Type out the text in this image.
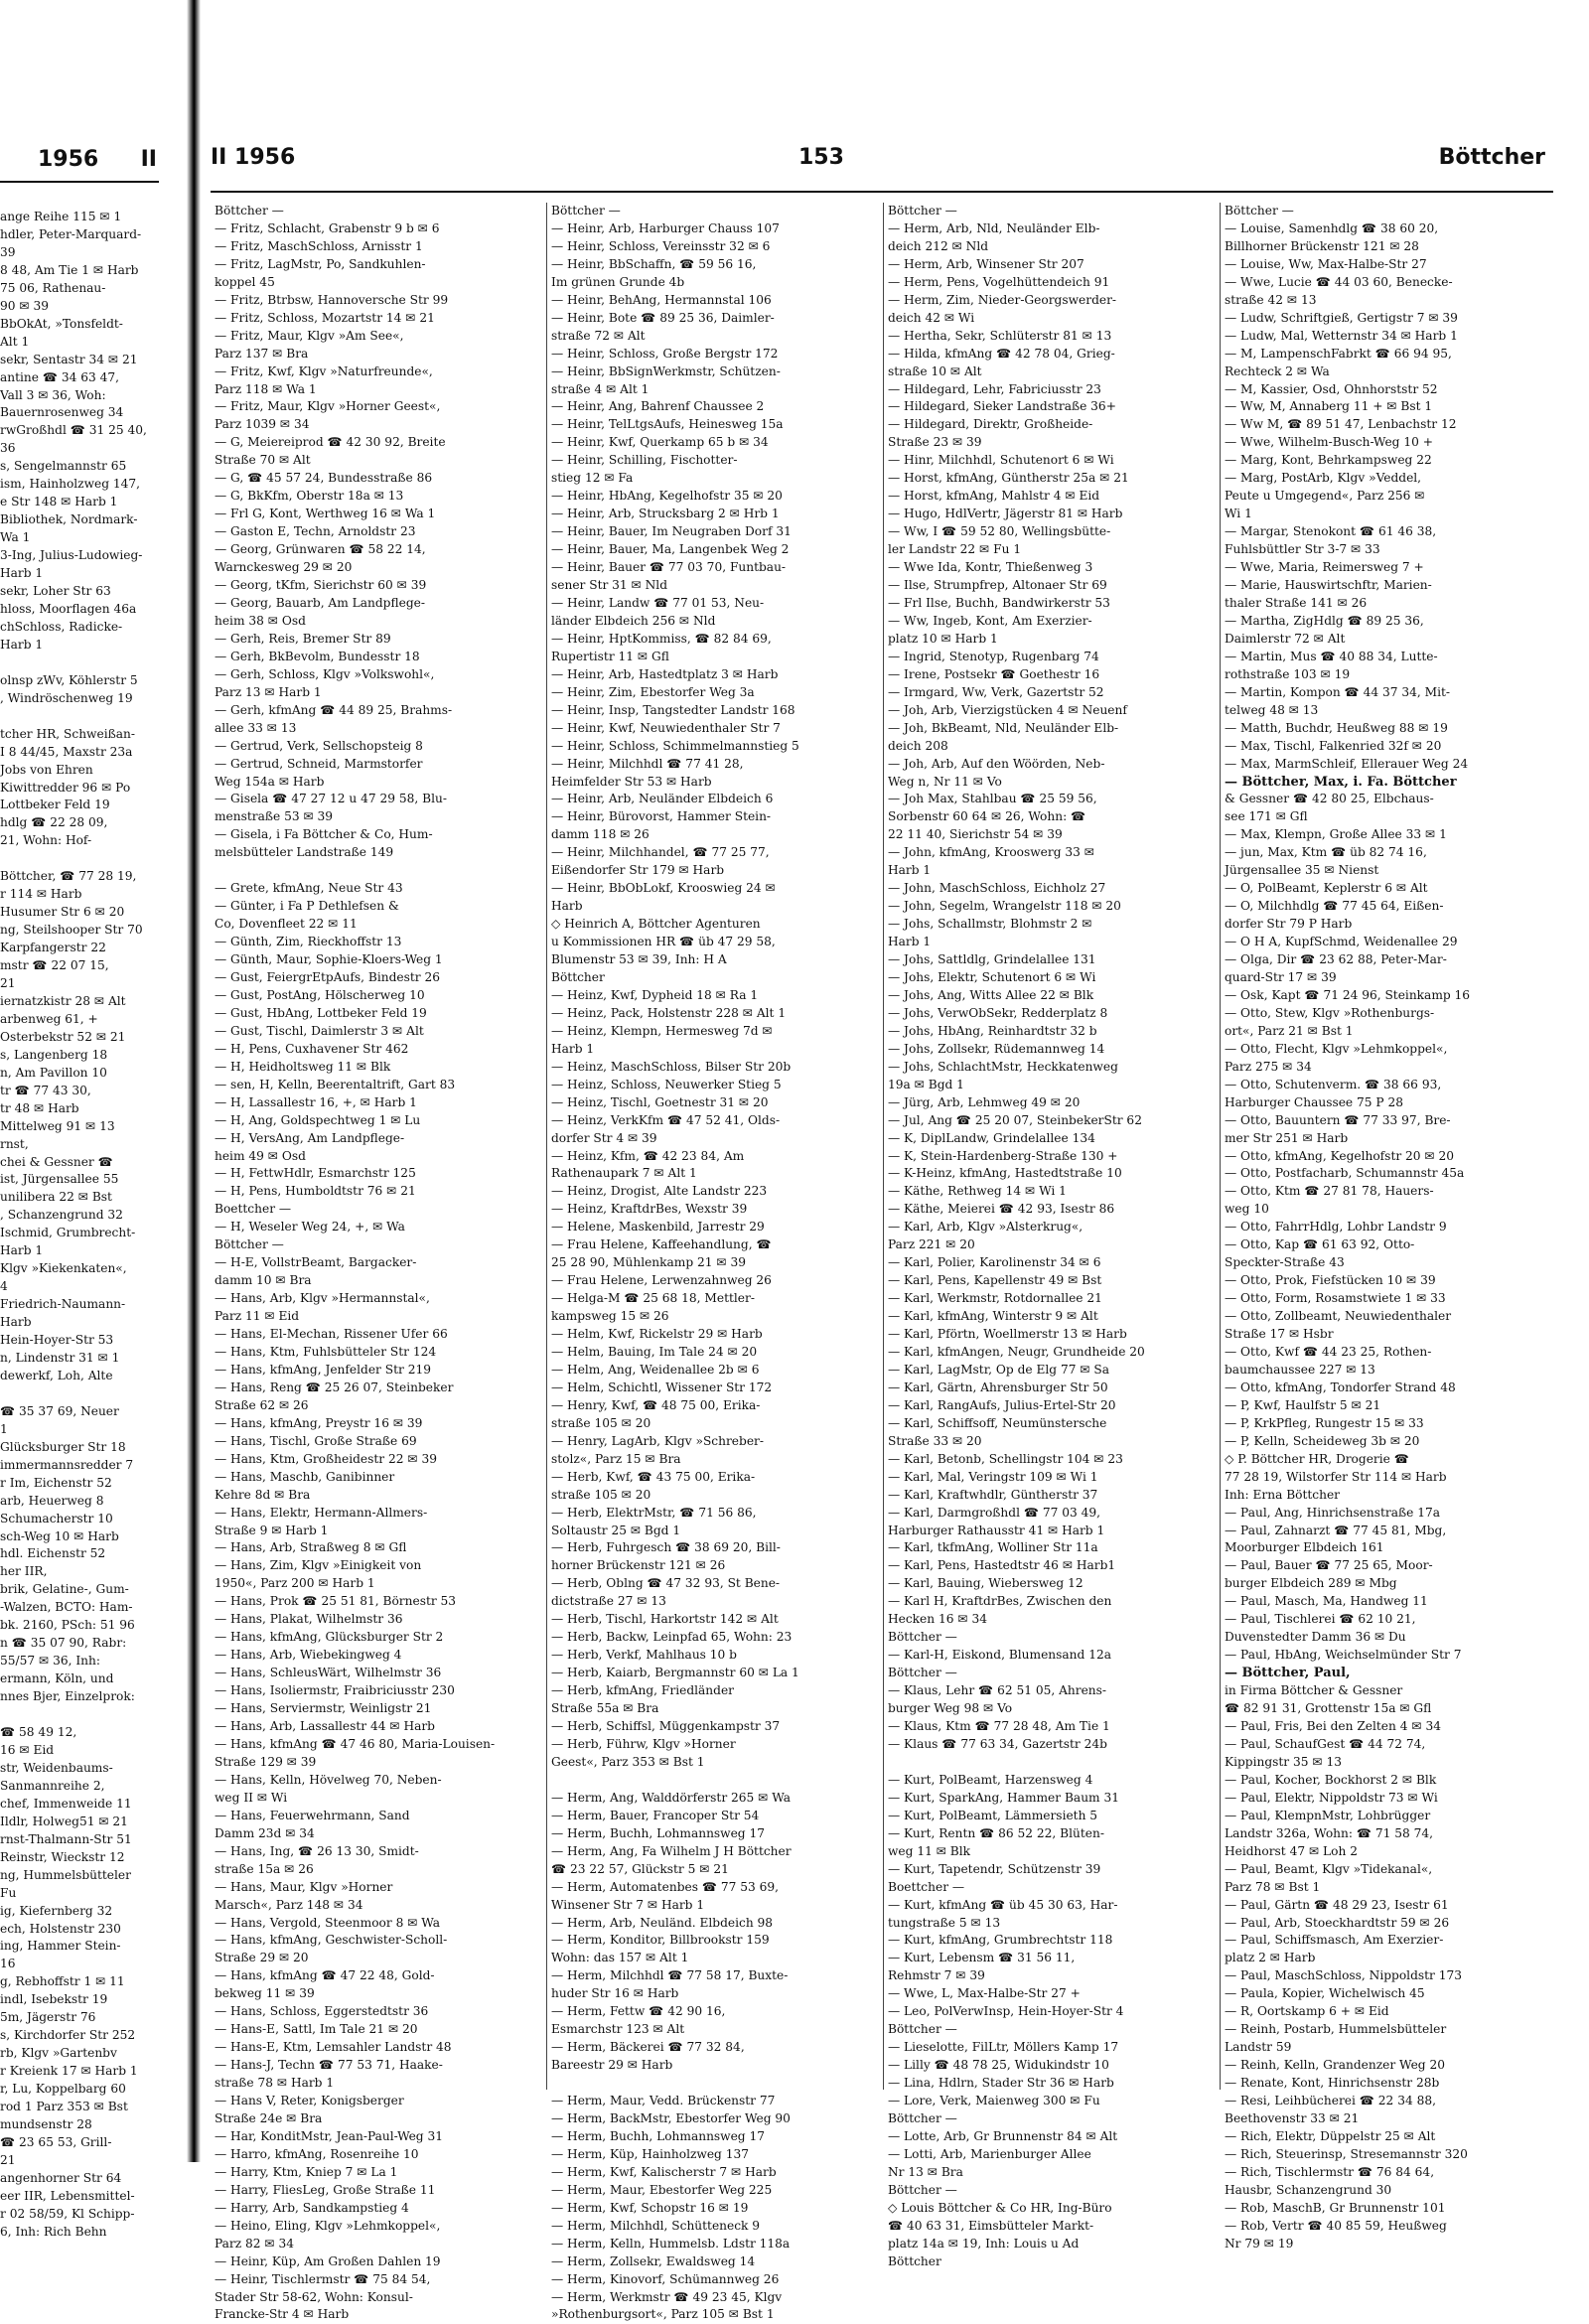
1956 II
ange Reihe 115 ✉ 1
hdler, Peter-Marquard-
39
8 48, Am Tie 1 ✉ Harb
75 06, Rathenau-
90 ✉ 39
BbOkAt, »Tonsfeldt-
Alt 1
sekr, Sentastr 34 ✉ 21
antine ☎ 34 63 47,
Vall 3 ✉ 36, Woh:
Bauernrosenweg 34
rwGroßhdl ☎ 31 25 40,
36
s, Sengelmannstr 65
ism, Hainholzweg 147,
e Str 148 ✉ Harb 1
Bibliothek, Nordmark-
Wa 1
3-Ing, Julius-Ludowieg-
Harb 1
sekr, Loher Str 63
hloss, Moorflagen 46a
chSchloss, Radicke-
Harb 1

olnsp zWv, Köhlerstr 5
, Windröschenweg 19

tcher HR, Schweißan-
I 8 44/45, Maxstr 23a
Jobs von Ehren
Kiwittredder 96 ✉ Po
Lottbeker Feld 19
hdlg ☎ 22 28 09,
21, Wohn: Hof-

Böttcher, ☎ 77 28 19,
r 114 ✉ Harb
Husumer Str 6 ✉ 20
ng, Steilshooper Str 70
Karpfangerstr 22
mstr ☎ 22 07 15,
21
iernatzkistr 28 ✉ Alt
arbenweg 61, +
Osterbekstr 52 ✉ 21
s, Langenberg 18
n, Am Pavillon 10
tr ☎ 77 43 30,
tr 48 ✉ Harb
Mittelweg 91 ✉ 13
rnst,
chei & Gessner ☎
ist, Jürgensallee 55
unilibera 22 ✉ Bst
, Schanzengrund 32
Ischmid, Grumbrecht-
Harb 1
Klgv »Kiekenkaten«,
4
Friedrich-Naumann-
Harb
Hein-Hoyer-Str 53
n, Lindenstr 31 ✉ 1
dewerkf, Loh, Alte

☎ 35 37 69, Neuer
1
Glücksburger Str 18
immermannsredder 7
r Im, Eichenstr 52
arb, Heuerweg 8
Schumacherstr 10
sch-Weg 10 ✉ Harb
hdl. Eichenstr 52
her IIR,
brik, Gelatine-, Gum-
-Walzen, BCTO: Ham-
bk. 2160, PSch: 51 96
n ☎ 35 07 90, Rabr:
55/57 ✉ 36, Inh:
ermann, Köln, und
nnes Bjer, Einzelprok:

☎ 58 49 12,
16 ✉ Eid
str, Weidenbaums-
Sanmannreihe 2,
chef, Immenweide 11
Ildlr, Holweg51 ✉ 21
rnst-Thalmann-Str 51
Reinstr, Wieckstr 12
ng, Hummelsbütteler
Fu
ig, Kiefernberg 32
ech, Holstenstr 230
ing, Hammer Stein-
16
g, Rebhoffstr 1 ✉ 11
indl, Isebekstr 19
5m, Jägerstr 76
s, Kirchdorfer Str 252
rb, Klgv »Gartenbv
r Kreienk 17 ✉ Harb 1
r, Lu, Koppelbarg 60
rod 1 Parz 353 ✉ Bst
mundsenstr 28
☎ 23 65 53, Grill-
21
angenhorner Str 64
eer IIR, Lebensmittel-
r 02 58/59, Kl Schipp-
6, Inh: Rich Behn
II 1956	153	Böttcher
Böttcher —
— Fritz, Schlacht, Grabenstr 9 b ✉ 6
— Fritz, MaschSchloss, Arnisstr 1
— Fritz, LagMstr, Po, Sandkuhlen-
koppel 45
— Fritz, Btrbsw, Hannoversche Str 99
— Fritz, Schloss, Mozartstr 14 ✉ 21
— Fritz, Maur, Klgv »Am See«,
Parz 137 ✉ Bra
— Fritz, Kwf, Klgv »Naturfreunde«,
Parz 118 ✉ Wa 1
— Fritz, Maur, Klgv »Horner Geest«,
Parz 1039 ✉ 34
— G, Meiereiprod ☎ 42 30 92, Breite
Straße 70 ✉ Alt
— G, ☎ 45 57 24, Bundesstraße 86
— G, BkKfm, Oberstr 18a ✉ 13
— Frl G, Kont, Werthweg 16 ✉ Wa 1
— Gaston E, Techn, Arnoldstr 23
— Georg, Grünwaren ☎ 58 22 14,
Warnckesweg 29 ✉ 20
— Georg, tKfm, Sierichstr 60 ✉ 39
— Georg, Bauarb, Am Landpflege-
heim 38 ✉ Osd
— Gerh, Reis, Bremer Str 89
— Gerh, BkBevolm, Bundesstr 18
— Gerh, Schloss, Klgv »Volkswohl«,
Parz 13 ✉ Harb 1
— Gerh, kfmAng ☎ 44 89 25, Brahms-
allee 33 ✉ 13
— Gertrud, Verk, Sellschopsteig 8
— Gertrud, Schneid, Marmstorfer
Weg 154a ✉ Harb
— Gisela ☎ 47 27 12 u 47 29 58, Blu-
menstraße 53 ✉ 39
— Gisela, i Fa Böttcher & Co, Hum-
melsbütteler Landstraße 149

— Grete, kfmAng, Neue Str 43
— Günter, i Fa P Dethlefsen &
Co, Dovenfleet 22 ✉ 11
— Günth, Zim, Rieckhoffstr 13
— Günth, Maur, Sophie-Kloers-Weg 1
— Gust, FeiergrEtpAufs, Bindestr 26
— Gust, PostAng, Hölscherweg 10
— Gust, HbAng, Lottbeker Feld 19
— Gust, Tischl, Daimlerstr 3 ✉ Alt
— H, Pens, Cuxhavener Str 462
— H, Heidholtsweg 11 ✉ Blk
— sen, H, Kelln, Beerentaltrift, Gart 83
— H, Lassallestr 16, +, ✉ Harb 1
— H, Ang, Goldspechtweg 1 ✉ Lu
— H, VersAng, Am Landpflege-
heim 49 ✉ Osd
— H, FettwHdlr, Esmarchstr 125
— H, Pens, Humboldtstr 76 ✉ 21
Boettcher —
— H, Weseler Weg 24, +, ✉ Wa
Böttcher —
— H-E, VollstrBeamt, Bargacker-
damm 10 ✉ Bra
— Hans, Arb, Klgv »Hermannstal«,
Parz 11 ✉ Eid
— Hans, El-Mechan, Rissener Ufer 66
— Hans, Ktm, Fuhlsbütteler Str 124
— Hans, kfmAng, Jenfelder Str 219
— Hans, Reng ☎ 25 26 07, Steinbeker
Straße 62 ✉ 26
— Hans, kfmAng, Preystr 16 ✉ 39
— Hans, Tischl, Große Straße 69
— Hans, Ktm, Großheidestr 22 ✉ 39
— Hans, Maschb, Ganibinner
Kehre 8d ✉ Bra
— Hans, Elektr, Hermann-Allmers-
Straße 9 ✉ Harb 1
— Hans, Arb, Straßweg 8 ✉ Gfl
— Hans, Zim, Klgv »Einigkeit von
1950«, Parz 200 ✉ Harb 1
— Hans, Prok ☎ 25 51 81, Börnestr 53
— Hans, Plakat, Wilhelmstr 36
— Hans, kfmAng, Glücksburger Str 2
— Hans, Arb, Wiebekingweg 4
— Hans, SchleusWärt, Wilhelmstr 36
— Hans, Isoliermstr, Fraibriciusstr 230
— Hans, Serviermstr, Weinligstr 21
— Hans, Arb, Lassallestr 44 ✉ Harb
— Hans, kfmAng ☎ 47 46 80, Maria-Louisen-
Straße 129 ✉ 39
— Hans, Kelln, Hövelweg 70, Neben-
weg II ✉ Wi
— Hans, Feuerwehrmann, Sand
Damm 23d ✉ 34
— Hans, Ing, ☎ 26 13 30, Smidt-
straße 15a ✉ 26
— Hans, Maur, Klgv »Horner
Marsch«, Parz 148 ✉ 34
— Hans, Vergold, Steenmoor 8 ✉ Wa
— Hans, kfmAng, Geschwister-Scholl-
Straße 29 ✉ 20
— Hans, kfmAng ☎ 47 22 48, Gold-
bekweg 11 ✉ 39
— Hans, Schloss, Eggerstedtstr 36
— Hans-E, Sattl, Im Tale 21 ✉ 20
— Hans-E, Ktm, Lemsahler Landstr 48
— Hans-J, Techn ☎ 77 53 71, Haake-
straße 78 ✉ Harb 1
— Hans V, Reter, Konigsberger
Straße 24e ✉ Bra
— Har, KonditMstr, Jean-Paul-Weg 31
— Harro, kfmAng, Rosenreihe 10
— Harry, Ktm, Kniep 7 ✉ La 1
— Harry, FliesLeg, Große Straße 11
— Harry, Arb, Sandkampstieg 4
— Heino, Eling, Klgv »Lehmkoppel«,
Parz 82 ✉ 34
— Heinr, Küp, Am Großen Dahlen 19
— Heinr, Tischlermstr ☎ 75 84 54,
Stader Str 58-62, Wohn: Konsul-
Francke-Str 4 ✉ Harb
Böttcher —
— Heinr, Arb, Harburger Chauss 107
— Heinr, Schloss, Vereinsstr 32 ✉ 6
— Heinr, BbSchaffn, ☎ 59 56 16,
Im grünen Grunde 4b
— Heinr, BehAng, Hermannstal 106
— Heinr, Bote ☎ 89 25 36, Daimler-
straße 72 ✉ Alt
— Heinr, Schloss, Große Bergstr 172
— Heinr, BbSignWerkmstr, Schützen-
straße 4 ✉ Alt 1
— Heinr, Ang, Bahrenf Chaussee 2
— Heinr, TelLtgsAufs, Heinesweg 15a
— Heinr, Kwf, Querkamp 65 b ✉ 34
— Heinr, Schilling, Fischotter-
stieg 12 ✉ Fa
— Heinr, HbAng, Kegelhofstr 35 ✉ 20
— Heinr, Arb, Strucksbarg 2 ✉ Hrb 1
— Heinr, Bauer, Im Neugraben Dorf 31
— Heinr, Bauer, Ma, Langenbek Weg 2
— Heinr, Bauer ☎ 77 03 70, Funtbau-
sener Str 31 ✉ Nld
— Heinr, Landw ☎ 77 01 53, Neu-
länder Elbdeich 256 ✉ Nld
— Heinr, HptKommiss, ☎ 82 84 69,
Rupertistr 11 ✉ Gfl
— Heinr, Arb, Hastedtplatz 3 ✉ Harb
— Heinr, Zim, Ebestorfer Weg 3a
— Heinr, Insp, Tangstedter Landstr 168
— Heinr, Kwf, Neuwiedenthaler Str 7
— Heinr, Schloss, Schimmelmannstieg 5
— Heinr, Milchhdl ☎ 77 41 28,
Heimfelder Str 53 ✉ Harb
— Heinr, Arb, Neuländer Elbdeich 6
— Heinr, Bürovorst, Hammer Stein-
damm 118 ✉ 26
— Heinr, Milchhandel, ☎ 77 25 77,
Eißendorfer Str 179 ✉ Harb
— Heinr, BbObLokf, Krooswieg 24 ✉
Harb
◇ Heinrich A, Böttcher Agenturen
u Kommissionen HR ☎ üb 47 29 58,
Blumenstr 53 ✉ 39, Inh: H A
Böttcher
— Heinz, Kwf, Dypheid 18 ✉ Ra 1
— Heinz, Pack, Holstenstr 228 ✉ Alt 1
— Heinz, Klempn, Hermesweg 7d ✉
Harb 1
— Heinz, MaschSchloss, Bilser Str 20b
— Heinz, Schloss, Neuwerker Stieg 5
— Heinz, Tischl, Goetnestr 31 ✉ 20
— Heinz, VerkKfm ☎ 47 52 41, Olds-
dorfer Str 4 ✉ 39
— Heinz, Kfm, ☎ 42 23 84, Am
Rathenaupark 7 ✉ Alt 1
— Heinz, Drogist, Alte Landstr 223
— Heinz, KraftdrBes, Wexstr 39
— Helene, Maskenbild, Jarrestr 29
— Frau Helene, Kaffeehandlung, ☎
25 28 90, Mühlenkamp 21 ✉ 39
— Frau Helene, Lerwenzahnweg 26
— Helga-M ☎ 25 68 18, Mettler-
kampsweg 15 ✉ 26
— Helm, Kwf, Rickelstr 29 ✉ Harb
— Helm, Bauing, Im Tale 24 ✉ 20
— Helm, Ang, Weidenallee 2b ✉ 6
— Helm, Schichtl, Wissener Str 172
— Henry, Kwf, ☎ 48 75 00, Erika-
straße 105 ✉ 20
— Henry, LagArb, Klgv »Schreber-
stolz«, Parz 15 ✉ Bra
— Herb, Kwf, ☎ 43 75 00, Erika-
straße 105 ✉ 20
— Herb, ElektrMstr, ☎ 71 56 86,
Soltaustr 25 ✉ Bgd 1
— Herb, Fuhrgesch ☎ 38 69 20, Bill-
horner Brückenstr 121 ✉ 26
— Herb, Oblng ☎ 47 32 93, St Bene-
dictstraße 27 ✉ 13
— Herb, Tischl, Harkortstr 142 ✉ Alt
— Herb, Backw, Leinpfad 65, Wohn: 23
— Herb, Verkf, Mahlhaus 10 b
— Herb, Kaiarb, Bergmannstr 60 ✉ La 1
— Herb, kfmAng, Friedländer
Straße 55a ✉ Bra
— Herb, Schiffsl, Müggenkampstr 37
— Herb, Führw, Klgv »Horner
Geest«, Parz 353 ✉ Bst 1

— Herm, Ang, Walddörferstr 265 ✉ Wa
— Herm, Bauer, Francoper Str 54
— Herm, Buchh, Lohmannsweg 17
— Herm, Ang, Fa Wilhelm J H Böttcher
☎ 23 22 57, Glückstr 5 ✉ 21
— Herm, Automatenbes ☎ 77 53 69,
Winsener Str 7 ✉ Harb 1
— Herm, Arb, Neuländ. Elbdeich 98
— Herm, Konditor, Billbrookstr 159
Wohn: das 157 ✉ Alt 1
— Herm, Milchhdl ☎ 77 58 17, Buxte-
huder Str 16 ✉ Harb
— Herm, Fettw ☎ 42 90 16,
Esmarchstr 123 ✉ Alt
— Herm, Bäckerei ☎ 77 32 84,
Bareestr 29 ✉ Harb

— Herm, Maur, Vedd. Brückenstr 77
— Herm, BackMstr, Ebestorfer Weg 90
— Herm, Buchh, Lohmannsweg 17
— Herm, Küp, Hainholzweg 137
— Herm, Kwf, Kalischerstr 7 ✉ Harb
— Herm, Maur, Ebestorfer Weg 225
— Herm, Kwf, Schopstr 16 ✉ 19
— Herm, Milchhdl, Schütteneck 9
— Herm, Kelln, Hummelsb. Ldstr 118a
— Herm, Zollsekr, Ewaldsweg 14
— Herm, Kinovorf, Schümannweg 26
— Herm, Werkmstr ☎ 49 23 45, Klgv
»Rothenburgsort«, Parz 105 ✉ Bst 1
Böttcher —
— Herm, Arb, Nld, Neuländer Elb-
deich 212 ✉ Nld
— Herm, Arb, Winsener Str 207
— Herm, Pens, Vogelhüttendeich 91
— Herm, Zim, Nieder-Georgswerder-
deich 42 ✉ Wi
— Hertha, Sekr, Schlüterstr 81 ✉ 13
— Hilda, kfmAng ☎ 42 78 04, Grieg-
straße 10 ✉ Alt
— Hildegard, Lehr, Fabriciusstr 23
— Hildegard, Sieker Landstraße 36+
— Hildegard, Direktr, Großheide-
Straße 23 ✉ 39
— Hinr, Milchhdl, Schutenort 6 ✉ Wi
— Horst, kfmAng, Güntherstr 25a ✉ 21
— Horst, kfmAng, Mahlstr 4 ✉ Eid
— Hugo, HdlVertr, Jägerstr 81 ✉ Harb
— Ww, I ☎ 59 52 80, Wellingsbütte-
ler Landstr 22 ✉ Fu 1
— Wwe Ida, Kontr, Thießenweg 3
— Ilse, Strumpfrep, Altonaer Str 69
— Frl Ilse, Buchh, Bandwirkerstr 53
— Ww, Ingeb, Kont, Am Exerzier-
platz 10 ✉ Harb 1
— Ingrid, Stenotyp, Rugenbarg 74
— Irene, Postsekr ☎ Goethestr 16
— Irmgard, Ww, Verk, Gazertstr 52
— Joh, Arb, Vierzigstücken 4 ✉ Neuenf
— Joh, BkBeamt, Nld, Neuländer Elb-
deich 208
— Joh, Arb, Auf den Wöörden, Neb-
Weg n, Nr 11 ✉ Vo
— Joh Max, Stahlbau ☎ 25 59 56,
Sorbenstr 60 64 ✉ 26, Wohn: ☎
22 11 40, Sierichstr 54 ✉ 39
— John, kfmAng, Krooswerg 33 ✉
Harb 1
— John, MaschSchloss, Eichholz 27
— John, Segelm, Wrangelstr 118 ✉ 20
— Johs, Schallmstr, Blohmstr 2 ✉
Harb 1
— Johs, Sattldlg, Grindelallee 131
— Johs, Elektr, Schutenort 6 ✉ Wi
— Johs, Ang, Witts Allee 22 ✉ Blk
— Johs, VerwObSekr, Redderplatz 8
— Johs, HbAng, Reinhardtstr 32 b
— Johs, Zollsekr, Rüdemannweg 14
— Johs, SchlachtMstr, Heckkatenweg
19a ✉ Bgd 1
— Jürg, Arb, Lehmweg 49 ✉ 20
— Jul, Ang ☎ 25 20 07, SteinbekerStr 62
— K, DiplLandw, Grindelallee 134
— K, Stein-Hardenberg-Straße 130 +
— K-Heinz, kfmAng, Hastedtstraße 10
— Käthe, Rethweg 14 ✉ Wi 1
— Käthe, Meierei ☎ 42 93, Isestr 86
— Karl, Arb, Klgv »Alsterkrug«,
Parz 221 ✉ 20
— Karl, Polier, Karolinenstr 34 ✉ 6
— Karl, Pens, Kapellenstr 49 ✉ Bst
— Karl, Werkmstr, Rotdornallee 21
— Karl, kfmAng, Winterstr 9 ✉ Alt
— Karl, Pförtn, Woellmerstr 13 ✉ Harb
— Karl, kfmAngen, Neugr, Grundheide 20
— Karl, LagMstr, Op de Elg 77 ✉ Sa
— Karl, Gärtn, Ahrensburger Str 50
— Karl, RangAufs, Julius-Ertel-Str 20
— Karl, Schiffsoff, Neumünstersche
Straße 33 ✉ 20
— Karl, Betonb, Schellingstr 104 ✉ 23
— Karl, Mal, Veringstr 109 ✉ Wi 1
— Karl, Kraftwhdlr, Güntherstr 37
— Karl, Darmgroßhdl ☎ 77 03 49,
Harburger Rathausstr 41 ✉ Harb 1
— Karl, tkfmAng, Wolliner Str 11a
— Karl, Pens, Hastedtstr 46 ✉ Harb1
— Karl, Bauing, Wiebersweg 12
— Karl H, KraftdrBes, Zwischen den
Hecken 16 ✉ 34
Böttcher —
— Karl-H, Eiskond, Blumensand 12a
Böttcher —
— Klaus, Lehr ☎ 62 51 05, Ahrens-
burger Weg 98 ✉ Vo
— Klaus, Ktm ☎ 77 28 48, Am Tie 1
— Klaus ☎ 77 63 34, Gazertstr 24b

— Kurt, PolBeamt, Harzensweg 4
— Kurt, SparkAng, Hammer Baum 31
— Kurt, PolBeamt, Lämmersieth 5
— Kurt, Rentn ☎ 86 52 22, Blüten-
weg 11 ✉ Blk
— Kurt, Tapetendr, Schützenstr 39
Boettcher —
— Kurt, kfmAng ☎ üb 45 30 63, Har-
tungstraße 5 ✉ 13
— Kurt, kfmAng, Grumbrechtstr 118
— Kurt, Lebensm ☎ 31 56 11,
Rehmstr 7 ✉ 39
— Wwe, L, Max-Halbe-Str 27 +
— Leo, PolVerwInsp, Hein-Hoyer-Str 4
Böttcher —
— Lieselotte, FilLtr, Möllers Kamp 17
— Lilly ☎ 48 78 25, Widukindstr 10
— Lina, Hdlrn, Stader Str 36 ✉ Harb
— Lore, Verk, Maienweg 300 ✉ Fu
Böttcher —
— Lotte, Arb, Gr Brunnenstr 84 ✉ Alt
— Lotti, Arb, Marienburger Allee
Nr 13 ✉ Bra
Böttcher —
◇ Louis Böttcher & Co HR, Ing-Büro
☎ 40 63 31, Eimsbütteler Markt-
platz 14a ✉ 19, Inh: Louis u Ad
Böttcher
Böttcher —
— Louise, Samenhdlg ☎ 38 60 20,
Billhorner Brückenstr 121 ✉ 28
— Louise, Ww, Max-Halbe-Str 27
— Wwe, Lucie ☎ 44 03 60, Benecke-
straße 42 ✉ 13
— Ludw, Schriftgieß, Gertigstr 7 ✉ 39
— Ludw, Mal, Wetternstr 34 ✉ Harb 1
— M, LampenschFabrkt ☎ 66 94 95,
Rechteck 2 ✉ Wa
— M, Kassier, Osd, Ohnhorststr 52
— Ww, M, Annaberg 11 + ✉ Bst 1
— Ww M, ☎ 89 51 47, Lenbachstr 12
— Wwe, Wilhelm-Busch-Weg 10 +
— Marg, Kont, Behrkampsweg 22
— Marg, PostArb, Klgv »Veddel,
Peute u Umgegend«, Parz 256 ✉
Wi 1
— Margar, Stenokont ☎ 61 46 38,
Fuhlsbüttler Str 3-7 ✉ 33
— Wwe, Maria, Reimersweg 7 +
— Marie, Hauswirtschftr, Marien-
thaler Straße 141 ✉ 26
— Martha, ZigHdlg ☎ 89 25 36,
Daimlerstr 72 ✉ Alt
— Martin, Mus ☎ 40 88 34, Lutte-
rothstraße 103 ✉ 19
— Martin, Kompon ☎ 44 37 34, Mit-
telweg 48 ✉ 13
— Matth, Buchdr, Heußweg 88 ✉ 19
— Max, Tischl, Falkenried 32f ✉ 20
— Max, MarmSchleif, Ellerauer Weg 24
— Böttcher, Max, i. Fa. Böttcher
& Gessner ☎ 42 80 25, Elbchaus-
see 171 ✉ Gfl
— Max, Klempn, Große Allee 33 ✉ 1
— jun, Max, Ktm ☎ üb 82 74 16,
Jürgensallee 35 ✉ Nienst
— O, PolBeamt, Keplerstr 6 ✉ Alt
— O, Milchhdlg ☎ 77 45 64, Eißen-
dorfer Str 79 P Harb
— O H A, KupfSchmd, Weidenallee 29
— Olga, Dir ☎ 23 62 88, Peter-Mar-
quard-Str 17 ✉ 39
— Osk, Kapt ☎ 71 24 96, Steinkamp 16
— Otto, Stew, Klgv »Rothenburgs-
ort«, Parz 21 ✉ Bst 1
— Otto, Flecht, Klgv »Lehmkoppel«,
Parz 275 ✉ 34
— Otto, Schutenverm. ☎ 38 66 93,
Harburger Chaussee 75 P 28
— Otto, Bauuntern ☎ 77 33 97, Bre-
mer Str 251 ✉ Harb
— Otto, kfmAng, Kegelhofstr 20 ✉ 20
— Otto, Postfacharb, Schumannstr 45a
— Otto, Ktm ☎ 27 81 78, Hauers-
weg 10
— Otto, FahrrHdlg, Lohbr Landstr 9
— Otto, Kap ☎ 61 63 92, Otto-
Speckter-Straße 43
— Otto, Prok, Fiefstücken 10 ✉ 39
— Otto, Form, Rosamstwiete 1 ✉ 33
— Otto, Zollbeamt, Neuwiedenthaler
Straße 17 ✉ Hsbr
— Otto, Kwf ☎ 44 23 25, Rothen-
baumchaussee 227 ✉ 13
— Otto, kfmAng, Tondorfer Strand 48
— P, Kwf, Haulfstr 5 ✉ 21
— P, KrkPfleg, Rungestr 15 ✉ 33
— P, Kelln, Scheideweg 3b ✉ 20
◇ P. Böttcher HR, Drogerie ☎
77 28 19, Wilstorfer Str 114 ✉ Harb
Inh: Erna Böttcher
— Paul, Ang, Hinrichsenstraße 17a
— Paul, Zahnarzt ☎ 77 45 81, Mbg,
Moorburger Elbdeich 161
— Paul, Bauer ☎ 77 25 65, Moor-
burger Elbdeich 289 ✉ Mbg
— Paul, Masch, Ma, Handweg 11
— Paul, Tischlerei ☎ 62 10 21,
Duvenstedter Damm 36 ✉ Du
— Paul, HbAng, Weichselmünder Str 7
— Böttcher, Paul,
in Firma Böttcher & Gessner
☎ 82 91 31, Grottenstr 15a ✉ Gfl
— Paul, Fris, Bei den Zelten 4 ✉ 34
— Paul, SchaufGest ☎ 44 72 74,
Kippingstr 35 ✉ 13
— Paul, Kocher, Bockhorst 2 ✉ Blk
— Paul, Elektr, Nippoldstr 73 ✉ Wi
— Paul, KlempnMstr, Lohbrügger
Landstr 326a, Wohn: ☎ 71 58 74,
Heidhorst 47 ✉ Loh 2
— Paul, Beamt, Klgv »Tidekanal«,
Parz 78 ✉ Bst 1
— Paul, Gärtn ☎ 48 29 23, Isestr 61
— Paul, Arb, Stoeckhardtstr 59 ✉ 26
— Paul, Schiffsmasch, Am Exerzier-
platz 2 ✉ Harb
— Paul, MaschSchloss, Nippoldstr 173
— Paula, Kopier, Wichelwisch 45
— R, Oortskamp 6 + ✉ Eid
— Reinh, Postarb, Hummelsbütteler
Landstr 59
— Reinh, Kelln, Grandenzer Weg 20
— Renate, Kont, Hinrichsenstr 28b
— Resi, Leihbücherei ☎ 22 34 88,
Beethovenstr 33 ✉ 21
— Rich, Elektr, Düppelstr 25 ✉ Alt
— Rich, Steuerinsp, Stresemannstr 320
— Rich, Tischlermstr ☎ 76 84 64,
Hausbr, Schanzengrund 30
— Rob, MaschB, Gr Brunnenstr 101
— Rob, Vertr ☎ 40 85 59, Heußweg
Nr 79 ✉ 19
